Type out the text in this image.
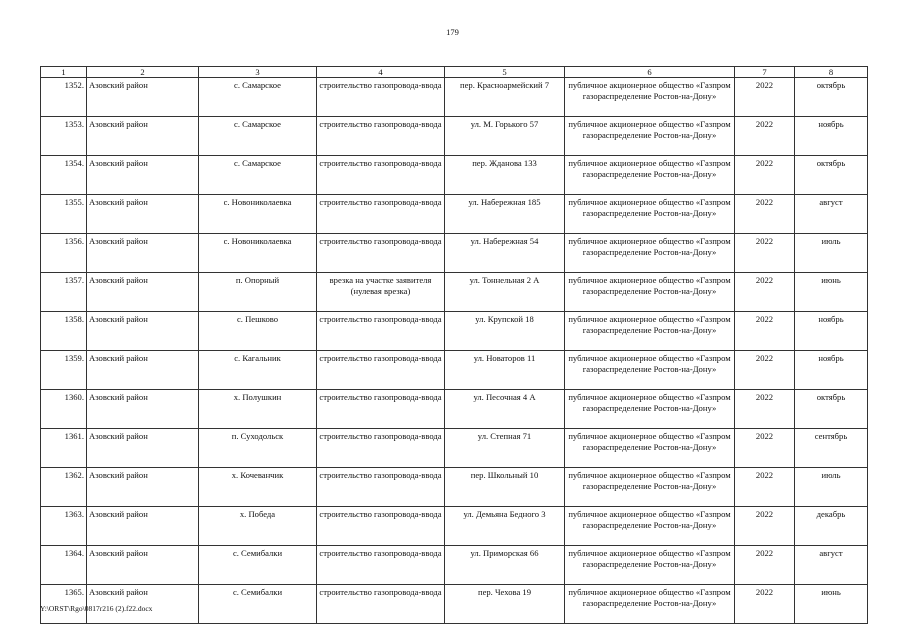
179
1	2	3	4	5	6	7	8
1352.	Азовский район	с. Самарское	строительство газопровода-ввода	пер. Красноармейский 7	публичное акционерное общество «Газпром газораспределение Ростов-на-Дону»	2022	октябрь
1353.	Азовский район	с. Самарское	строительство газопровода-ввода	ул. М. Горького 57	публичное акционерное общество «Газпром газораспределение Ростов-на-Дону»	2022	ноябрь
1354.	Азовский район	с. Самарское	строительство газопровода-ввода	пер. Жданова 133	публичное акционерное общество «Газпром газораспределение Ростов-на-Дону»	2022	октябрь
1355.	Азовский район	с. Новониколаевка	строительство газопровода-ввода	ул. Набережная 185	публичное акционерное общество «Газпром газораспределение Ростов-на-Дону»	2022	август
1356.	Азовский район	с. Новониколаевка	строительство газопровода-ввода	ул. Набережная 54	публичное акционерное общество «Газпром газораспределение Ростов-на-Дону»	2022	июль
1357.	Азовский район	п. Опорный	врезка на участке заявителя (нулевая врезка)	ул. Тоннельная 2 А	публичное акционерное общество «Газпром газораспределение Ростов-на-Дону»	2022	июнь
1358.	Азовский район	с. Пешково	строительство газопровода-ввода	ул. Крупской 18	публичное акционерное общество «Газпром газораспределение Ростов-на-Дону»	2022	ноябрь
1359.	Азовский район	с. Кагальник	строительство газопровода-ввода	ул. Новаторов 11	публичное акционерное общество «Газпром газораспределение Ростов-на-Дону»	2022	ноябрь
1360.	Азовский район	х. Полушкин	строительство газопровода-ввода	ул. Песочная 4 А	публичное акционерное общество «Газпром газораспределение Ростов-на-Дону»	2022	октябрь
1361.	Азовский район	п. Суходольск	строительство газопровода-ввода	ул. Степная 71	публичное акционерное общество «Газпром газораспределение Ростов-на-Дону»	2022	сентябрь
1362.	Азовский район	х. Кочеванчик	строительство газопровода-ввода	пер. Школьный 10	публичное акционерное общество «Газпром газораспределение Ростов-на-Дону»	2022	июль
1363.	Азовский район	х. Победа	строительство газопровода-ввода	ул. Демьяна Бедного 3	публичное акционерное общество «Газпром газораспределение Ростов-на-Дону»	2022	декабрь
1364.	Азовский район	с. Семибалки	строительство газопровода-ввода	ул. Приморская 66	публичное акционерное общество «Газпром газораспределение Ростов-на-Дону»	2022	август
1365.	Азовский район	с. Семибалки	строительство газопровода-ввода	пер. Чехова 19	публичное акционерное общество «Газпром газораспределение Ростов-на-Дону»	2022	июнь
Y:\ORST\Rgo\0817r216 (2).f22.docx
